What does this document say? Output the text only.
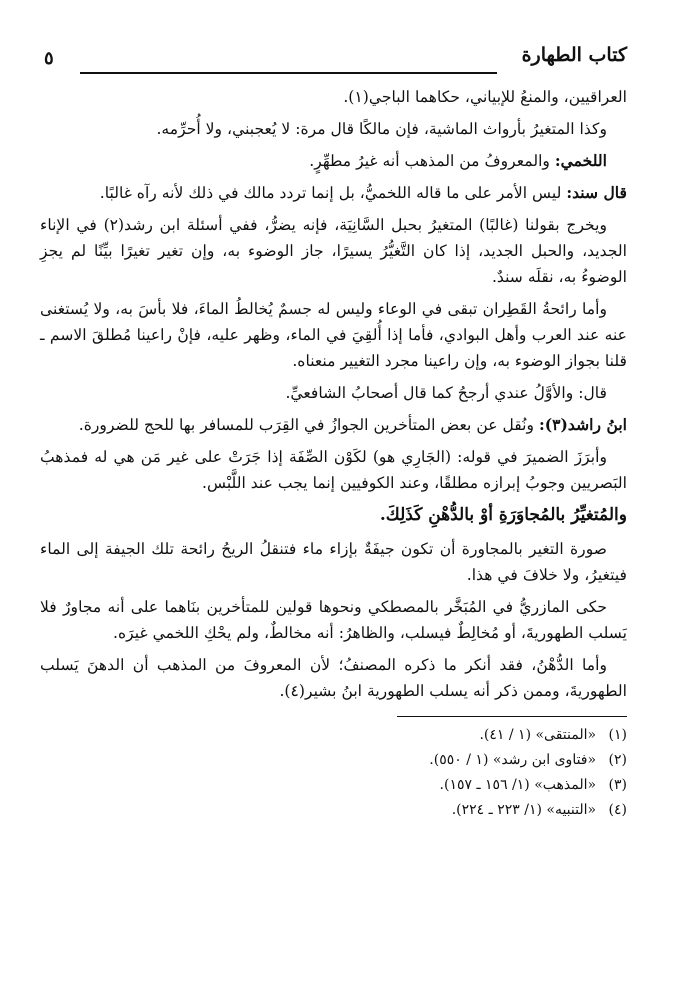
كتاب الطهارة
٥

العراقيين، والمنعُ للإبياني، حكاهما الباجي(١).

وكذا المتغيرُ بأرواث الماشية، فإن مالكًا قال مرة: لا يُعجبني، ولا أُحرِّمه.

اللخمي: والمعروفُ من المذهب أنه غيرُ مطهِّرٍ.

قال سند: ليس الأمر على ما قاله اللخميُّ، بل إنما تردد مالك في ذلك لأنه رآه غالبًا.

ويخرج بقولنا (غالبًا) المتغيرُ بحبل السَّانِيَة، فإنه يضرُّ، ففي أسئلة ابن رشد(٢) في الإناء الجديد، والحبل الجديد، إذا كان التَّغيُّرُ يسيرًا، جاز الوضوء به، وإن تغير تغيرًا بيِّنًا لم يجزِ الوضوءُ به، نقلَه سندٌ.

وأما رائحةُ القَطِران تبقى في الوعاء وليس له جسمٌ يُخالطُ الماءَ، فلا بأسَ به، ولا يُستغنى عنه عند العرب وأهل البوادي، فأما إذا أُلقِيَ في الماء، وظهر عليه، فإنْ راعينا مُطلقَ الاسم ـ قلنا بجواز الوضوء به، وإن راعينا مجرد التغيير منعناه.

قال: والأوَّلُ عندي أرجحُ كما قال أصحابُ الشافعيِّ.

ابنُ راشد(٣): ونُقل عن بعض المتأخرين الجوازُ في القِرَب للمسافر بها للحج للضرورة.

وأبرَزَ الضميرَ في قوله: (الجَارِي هو) لكَوْن الصِّفَة إذا جَرَتْ على غير مَن هي له فمذهبُ البَصريين وجوبُ إبرازه مطلقًا، وعند الكوفيين إنما يجب عند اللَّبْس.

والمُتغيِّرُ بالمُجاوَرَةِ أوْ بالدُّهْنِ كَذَلِكَ.

صورة التغير بالمجاورة أن تكون جيفَةٌ بإزاء ماء فتنقلُ الريحُ رائحة تلك الجيفة إلى الماء فيتغيرُ، ولا خلافَ في هذا.

حكى المازريُّ في المُبَخَّر بالمصطكي ونحوها قولين للمتأخرين بنَاهما على أنه مجاورٌ فلا يَسلب الطهوريةَ، أو مُخالِطٌ فيسلب، والظاهرُ: أنه مخالطٌ، ولم يحْكِ اللخمي غيرَه.

وأما الدُّهْنُ، فقد أنكر ما ذكره المصنفُ؛ لأن المعروفَ من المذهب أن الدهنَ يَسلب الطهوريةَ، وممن ذكر أنه يسلب الطهورية ابنُ بشير(٤).

(١) «المنتقى» (١ / ٤١).

(٢) «فتاوى ابن رشد» (١ / ٥٥٠).

(٣) «المذهب» (١/ ١٥٦ ـ ١٥٧).

(٤) «التنبيه» (١/ ٢٢٣ ـ ٢٢٤).
